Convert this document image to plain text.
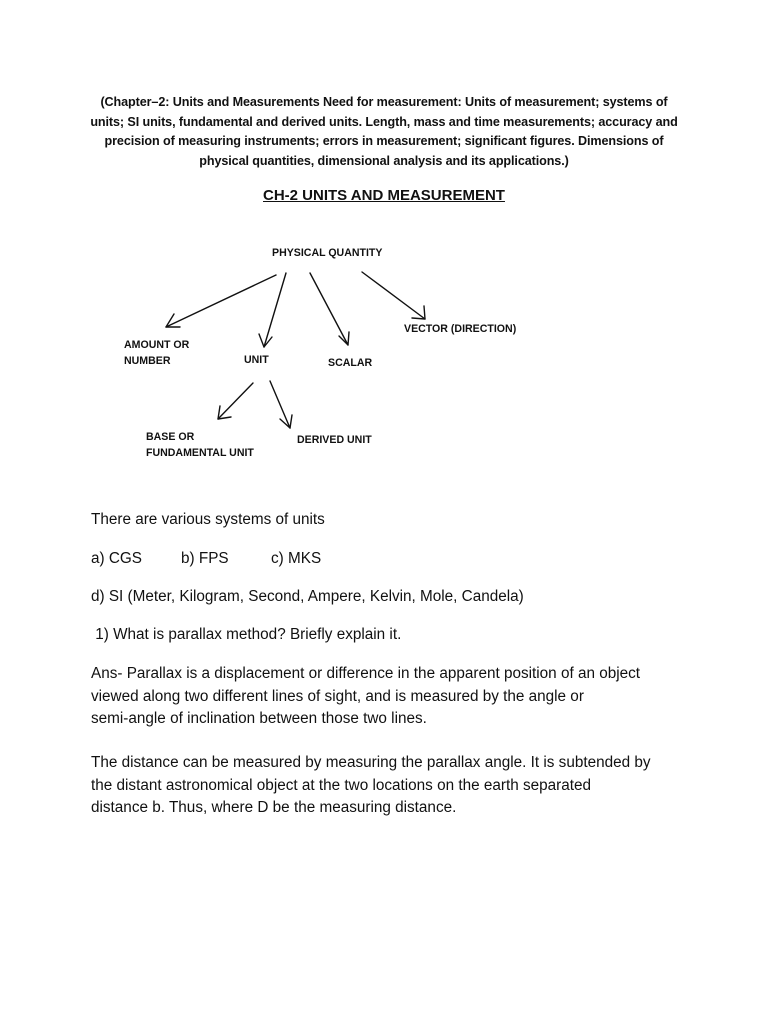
(Chapter–2: Units and Measurements Need for measurement: Units of measurement; systems of units; SI units, fundamental and derived units. Length, mass and time measurements; accuracy and precision of measuring instruments; errors in measurement; significant figures. Dimensions of physical quantities, dimensional analysis and its applications.)
CH-2 UNITS AND MEASUREMENT
PHYSICAL QUANTITY
AMOUNT OR
NUMBER	UNIT	SCALAR
VECTOR (DIRECTION)
BASE OR
FUNDAMENTAL UNIT
DERIVED UNIT
There are various systems of units
a) CGS	b) FPS	c) MKS
d) SI (Meter, Kilogram, Second, Ampere, Kelvin, Mole, Candela)
1) What is parallax method? Briefly explain it.
Ans- Parallax is a displacement or difference in the apparent position of an object
viewed along two different lines of sight, and is measured by the angle or
semi-angle of inclination between those two lines.
The distance can be measured by measuring the parallax angle. It is subtended by
the distant astronomical object at the two locations on the earth separated
distance b. Thus, where D be the measuring distance.
